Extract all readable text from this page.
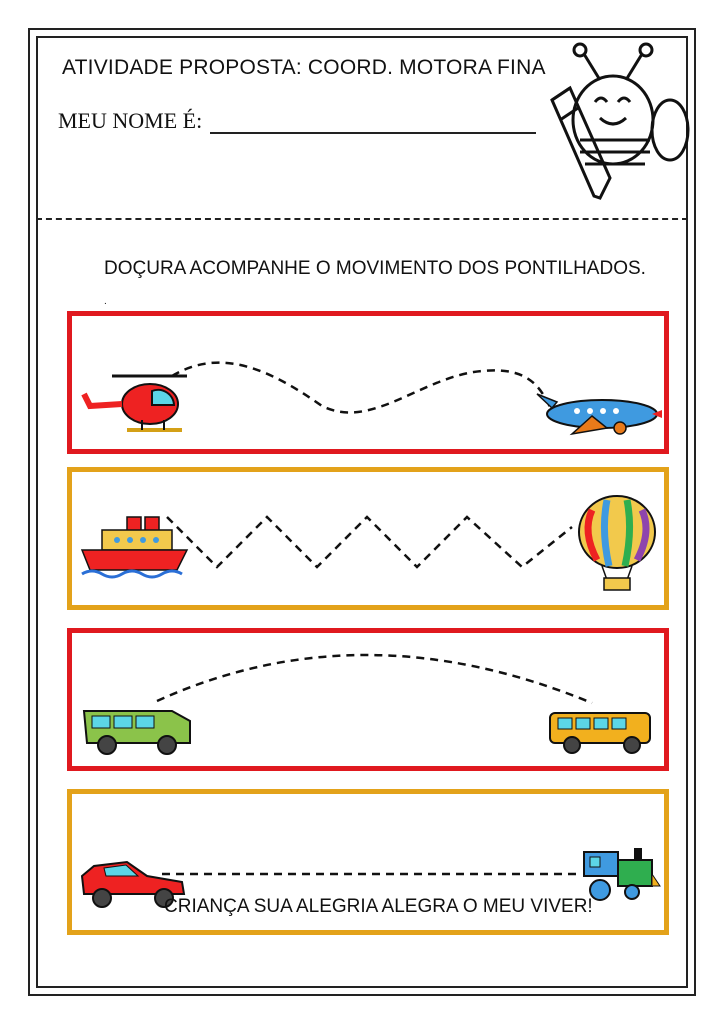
ATIVIDADE PROPOSTA: COORD. MOTORA FINA
MEU NOME É:
DOÇURA ACOMPANHE O MOVIMENTO DOS PONTILHADOS.
.
CRIANÇA SUA ALEGRIA ALEGRA O MEU VIVER!
